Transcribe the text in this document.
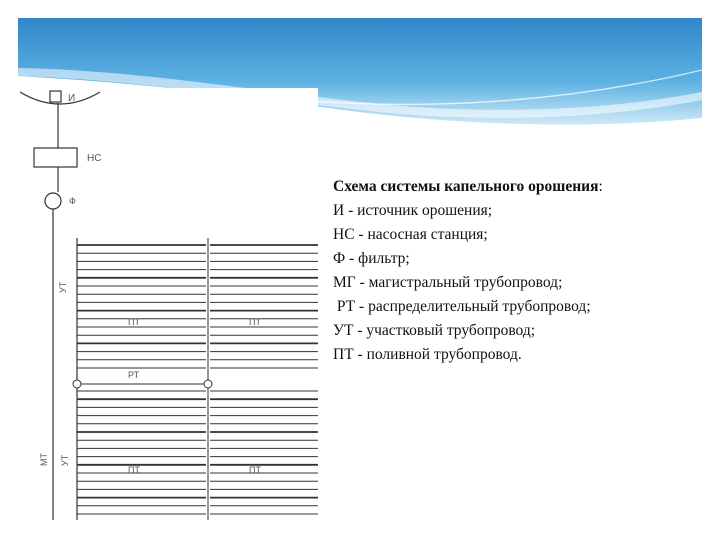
И
НС
Ф
УТ
МТ УТ
ПТ	ПТ
РТ
ПТ	ПТ
Схема системы капельного орошения:
И - источник орошения;
НС - насосная станция;
Ф - фильтр;
МГ - магистральный трубопровод;
РТ - распределительный трубопровод;
УТ - участковый трубопровод;
ПТ - поливной трубопровод.
